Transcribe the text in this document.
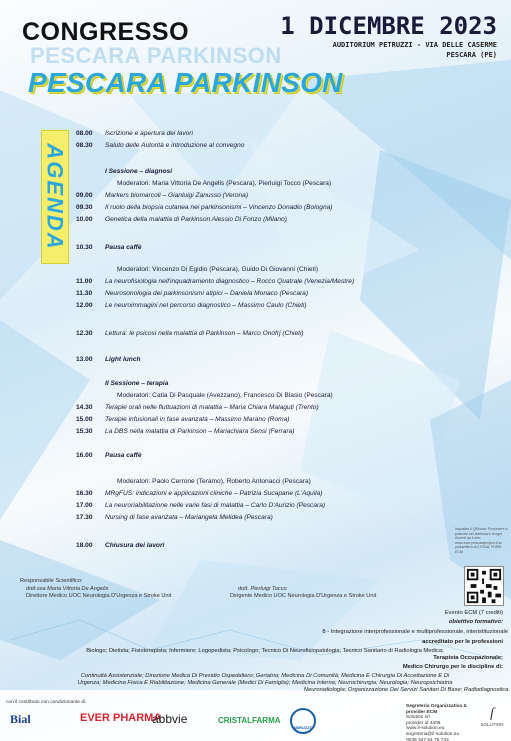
CONGRESSO
PESCARA PARKINSON
PESCARA PARKINSON
1 DICEMBRE 2023
AUDITORIUM PETRUZZI - VIA DELLE CASERME
PESCARA (PE)
AGENDA
08.00 Iscrizione e apertura dei lavori
08.30 Saluto delle Autorità e introduzione al convegno
I Sessione – diagnosi
Moderatori: Maria Vittoria De Angelis (Pescara), Pierluigi Tocco (Pescara)
09.00 Markers biomarcoli – Gianluigi Zanusso (Verona)
09.30 Il ruolo della biopsia cutanea nei parkinsonismi – Vincenzo Donadio (Bologna)
10.00 Genetica della malattia di Parkinson Alessio Di Fonzo (Milano)
10.30 Pausa caffè
Moderatori: Vincenzo Di Egidio (Pescara), Guido Di Giovanni (Chieti)
11.00 La neurofisiologia nell'inquadramento diagnostico – Rocco Quatrale (Venezia/Mestre)
11.30 Neurosonologia dei parkinsonismi atipici – Daniela Monaco (Pescara)
12.00 Le neuroimmagini nel percorso diagnostico – Massimo Caulo (Chieti)
12.30 Lettura: le psicosi nella malattia di Parkinson – Marco Onofrj (Chieti)
13.00 Light lunch
II Sessione – terapia
Moderatori: Catia Di Pasquale (Avezzano), Francesco Di Blasio (Pescara)
14.30 Terapie orali nelle fluttuazioni di malattia – Maria Chiara Malaguti (Trento)
15.00 Terapie infusionali in fase avanzata – Massimo Marano (Roma)
15.30 La DBS nella malattia di Parkinson – Mariachiara Sensi (Ferrara)
16.00 Pausa caffè
Moderatori: Paolo Cerrone (Teramo), Roberto Antonacci (Pescara)
16.30 MRgFUS: indicazioni e applicazioni cliniche – Patrizia Sucapane (L'Aquila)
17.00 La neuroriabilitazione nelle varie fasi di malattia – Carlo D'Aurizio (Pescara)
17.30 Nursing di fase avanzata – Mariangela Melidea (Pescara)
18.00 Chiusura dei lavori
Responsabile Scientifico:
dott.ssa Maria Vittoria De Angelis
Direttore Medico UOC Neurologia D'Urgenza e Stroke Unit
dott. Pierluigi Tocco
Dirigente Medico UOC Neurologia D'Urgenza e Stroke Unit
Inquadra il QRcode: Procedere a poteche nel telefonare di ogni Accedi da il sito: www.ecm.pescaraproject.it la pulsantiera di 2 EGAL FORM ECM
Evento ECM (7 crediti)
obiettivo formativo:
8 - Integrazione interprofessionale e multiprofessionale, interistituzionale
accreditato per le professioni
Biologo; Dietista; Fisioterapista; Infermiere; Logopedista; Psicologo; Tecnico Di Neurofisiopatologia; Tecnico Sanitario di Radiologia Medica;
Terapista Occupazionale;
Medico Chirurgo per le discipline di:
Continuità Assistenziale; Direzione Medica Di Presidio Ospedaliero; Geriatria; Medicina Di Comunità; Medicina E Chirurgia Di Accettazione E Di
Urgenza; Medicina Fisica E Riabilitazione; Medicina Generale (Medici Di Famiglia); Medicina Interna; Neurochirurgia; Neurologia; Neuropsichiatria
Neuroradiologia; Organizzazione Dei Servizi Sanitari Di Base; Radiodiagnostica.
con il contributo non condizionante di:
Bial	EVER PHARMA
abbvie	CRISTALFARMA
ABRUZZO
Segreteria Organizzativa & provider ECM
Solution srl
provider id 4406
www.il-solution.eu
segreteria@il-solution.eu
0039 347 54 75 743
ſ
SOLUTION
